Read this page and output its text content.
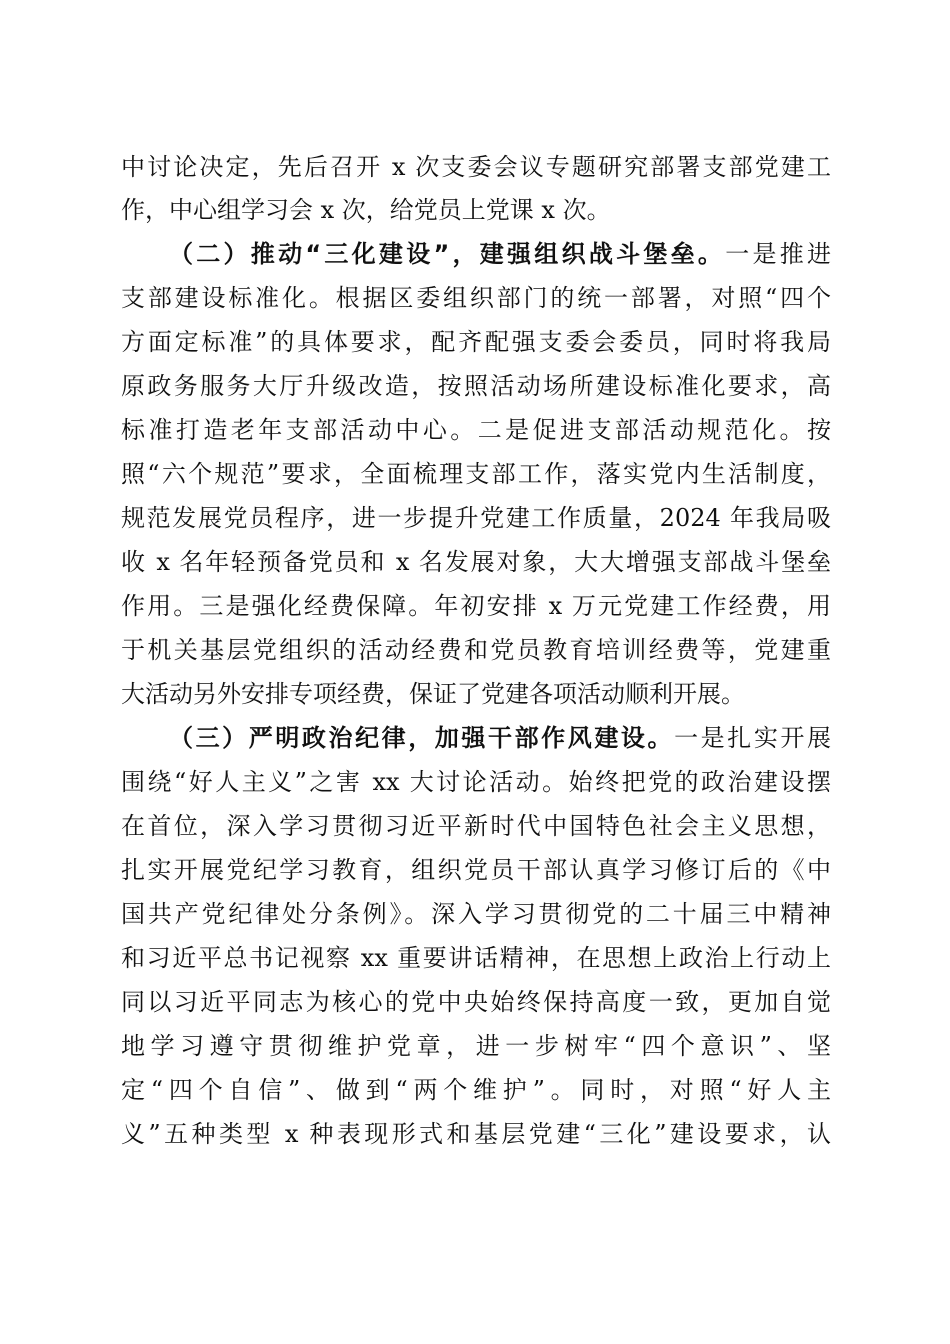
中讨论决定，先后召开 x 次支委会议专题研究部署支部党建工
作，中心组学习会 x 次，给党员上党课 x 次。
（二）推动“三化建设”，建强组织战斗堡垒。一是推进
支部建设标准化。根据区委组织部门的统一部署，对照“四个
方面定标准”的具体要求，配齐配强支委会委员，同时将我局
原政务服务大厅升级改造，按照活动场所建设标准化要求，高
标准打造老年支部活动中心。二是促进支部活动规范化。按
照“六个规范”要求，全面梳理支部工作，落实党内生活制度，
规范发展党员程序，进一步提升党建工作质量，2024 年我局吸
收 x 名年轻预备党员和 x 名发展对象，大大增强支部战斗堡垒
作用。三是强化经费保障。年初安排 x 万元党建工作经费，用
于机关基层党组织的活动经费和党员教育培训经费等，党建重
大活动另外安排专项经费，保证了党建各项活动顺利开展。
（三）严明政治纪律，加强干部作风建设。一是扎实开展
围绕“好人主义”之害 xx 大讨论活动。始终把党的政治建设摆
在首位，深入学习贯彻习近平新时代中国特色社会主义思想，
扎实开展党纪学习教育，组织党员干部认真学习修订后的《中
国共产党纪律处分条例》。深入学习贯彻党的二十届三中精神
和习近平总书记视察 xx 重要讲话精神，在思想上政治上行动上
同以习近平同志为核心的党中央始终保持高度一致，更加自觉
地学习遵守贯彻维护党章，进一步树牢“四个意识”、坚
定“四个自信”、做到“两个维护”。同时，对照“好人主
义”五种类型 x 种表现形式和基层党建“三化”建设要求，认
